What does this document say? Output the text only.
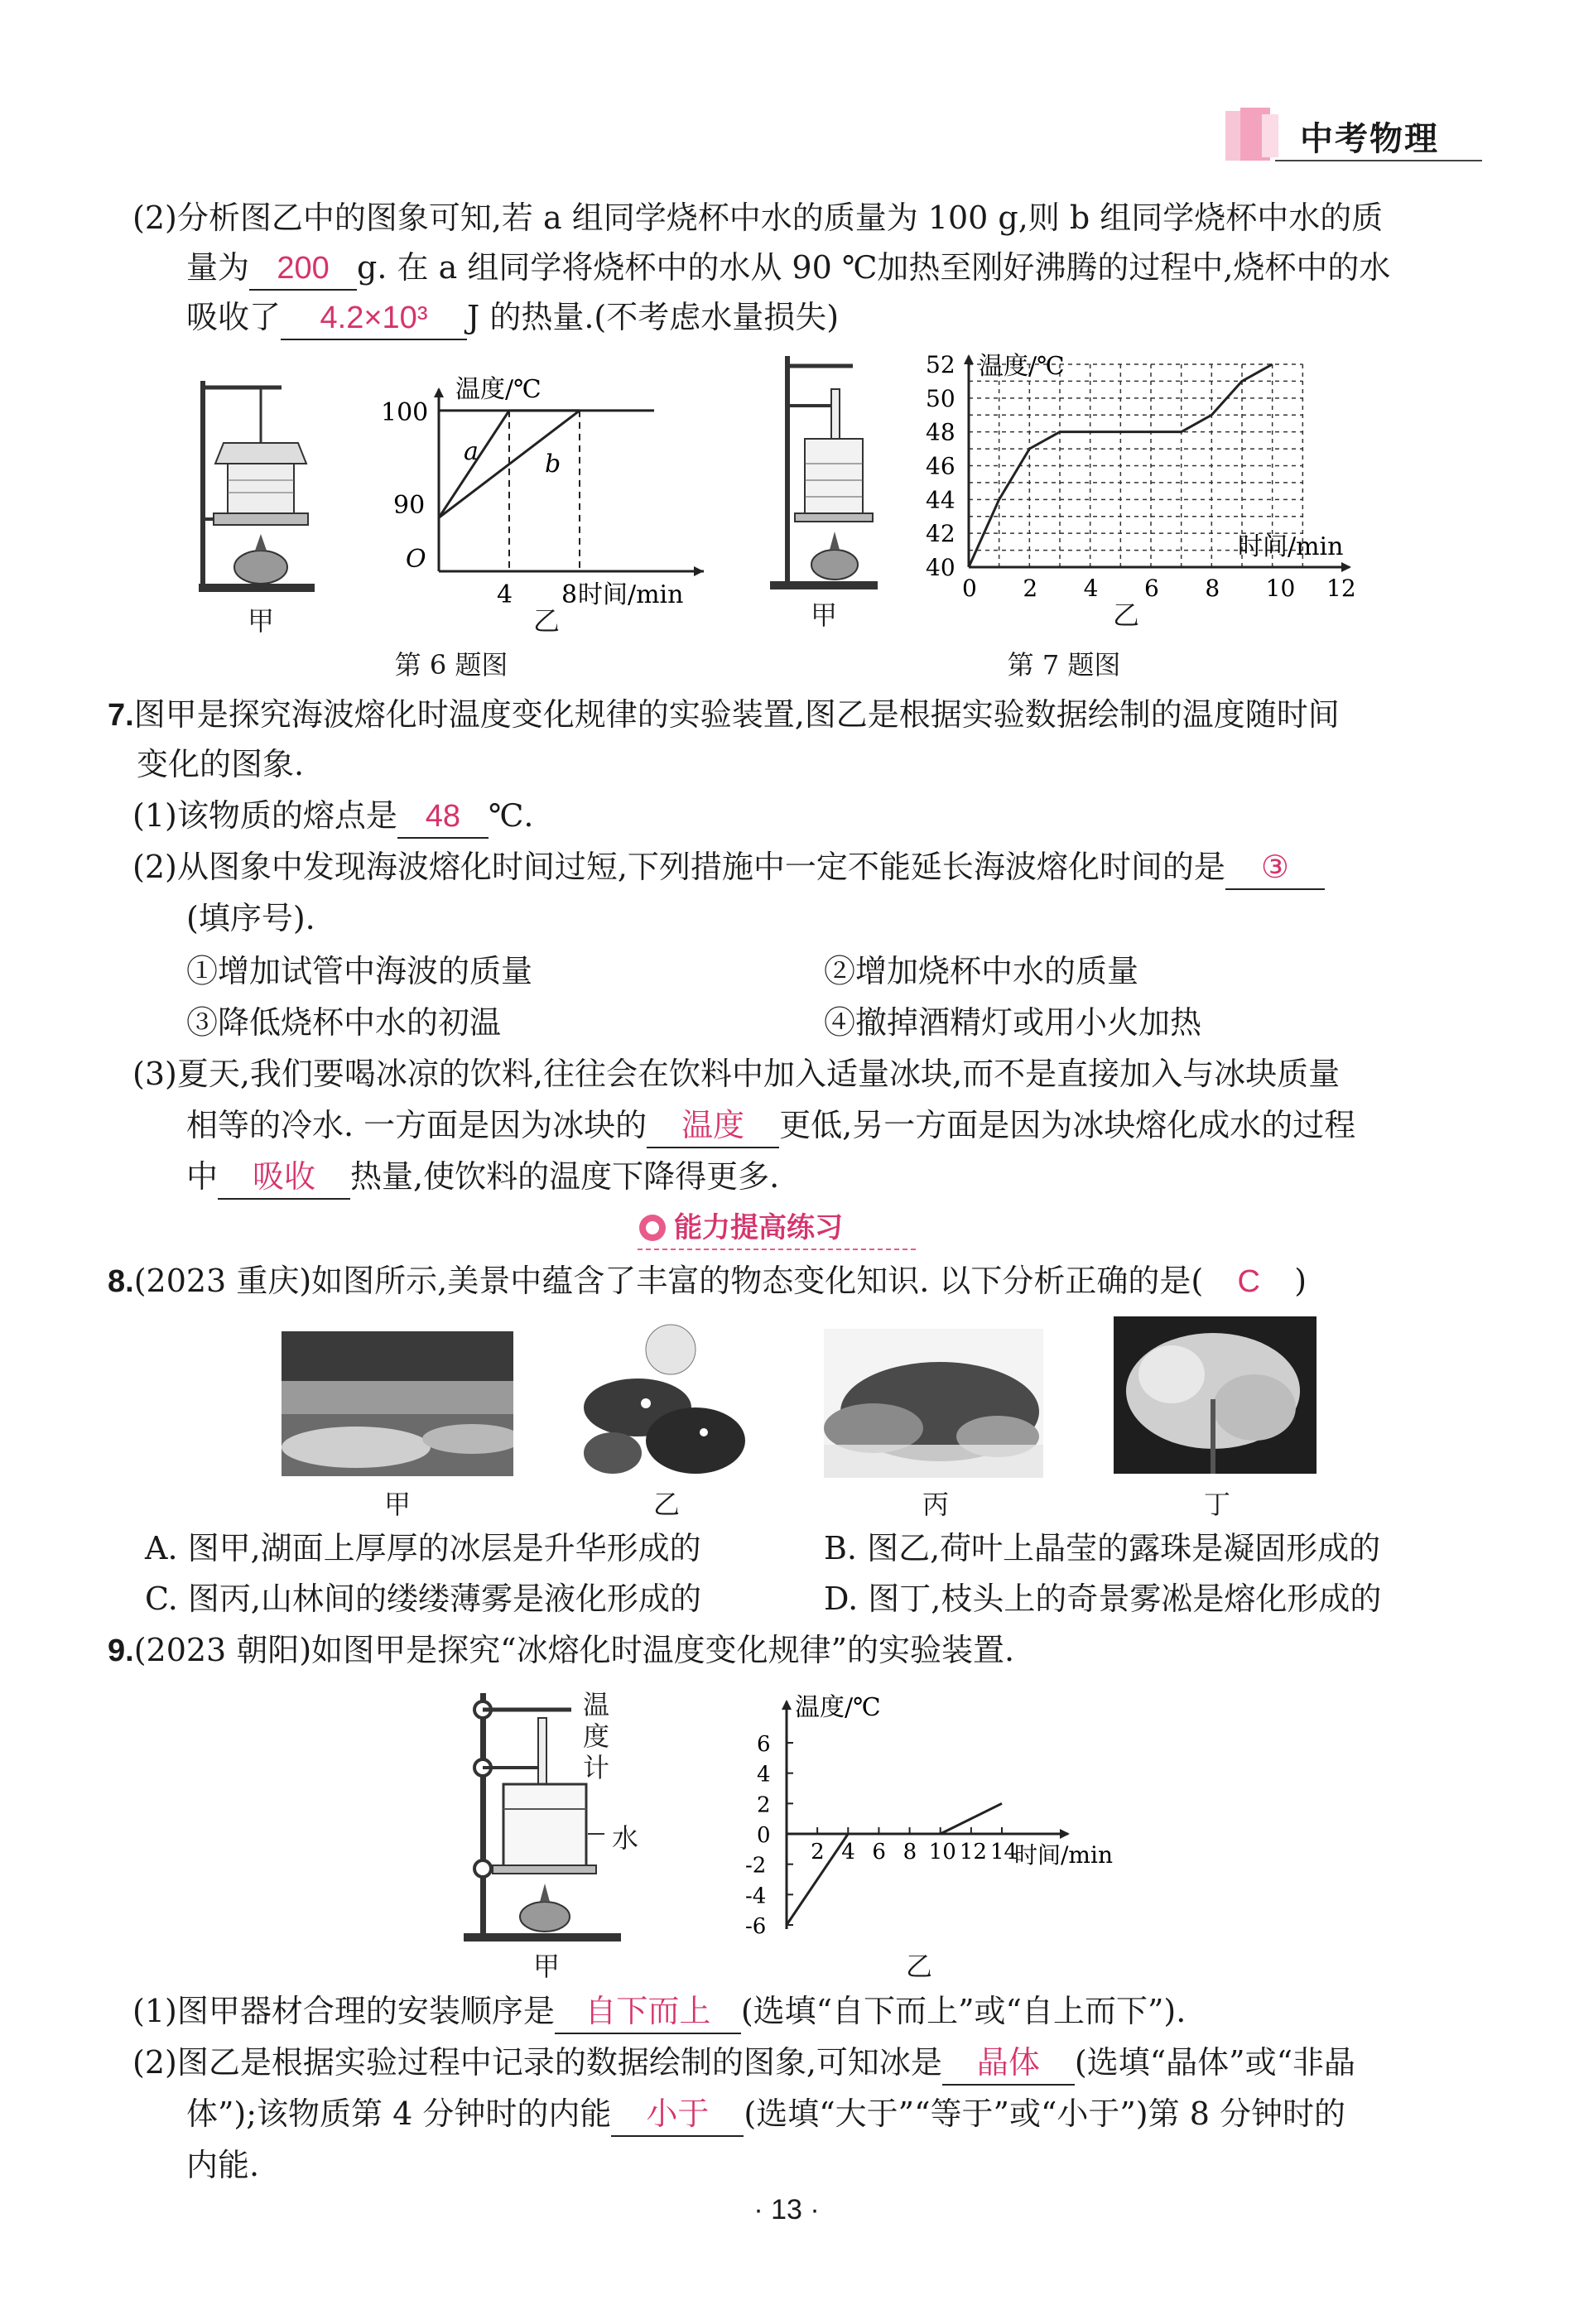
中考物理
(2)分析图乙中的图象可知,若 a 组同学烧杯中水的质量为 100 g,则 b 组同学烧杯中水的质
量为 200 g. 在 a 组同学将烧杯中的水从 90 ℃加热至刚好沸腾的过程中,烧杯中的水
吸收了 4.2×10³ J 的热量.(不考虑水量损失)
甲
温度/℃
100
90
O
4 8 时间/min
a	b
乙
第 6 题图
甲
温度/℃
时间/min
40
42
44
46
48
50
52
0 2 4 6 8 10 12
乙
第 7 题图
7.图甲是探究海波熔化时温度变化规律的实验装置,图乙是根据实验数据绘制的温度随时间
变化的图象.
(1)该物质的熔点是 48 ℃.
(2)从图象中发现海波熔化时间过短,下列措施中一定不能延长海波熔化时间的是 ③
(填序号).
①增加试管中海波的质量	②增加烧杯中水的质量
③降低烧杯中水的初温	④撤掉酒精灯或用小火加热
(3)夏天,我们要喝冰凉的饮料,往往会在饮料中加入适量冰块,而不是直接加入与冰块质量
相等的冷水. 一方面是因为冰块的 温度 更低,另一方面是因为冰块熔化成水的过程
中 吸收 热量,使饮料的温度下降得更多.
能力提高练习
8.(2023 重庆)如图所示,美景中蕴含了丰富的物态变化知识. 以下分析正确的是( C )
甲	乙	丙	丁
A. 图甲,湖面上厚厚的冰层是升华形成的	B. 图乙,荷叶上晶莹的露珠是凝固形成的
C. 图丙,山林间的缕缕薄雾是液化形成的	D. 图丁,枝头上的奇景雾凇是熔化形成的
9.(2023 朝阳)如图甲是探究“冰熔化时温度变化规律”的实验装置.
温
度
计
水
甲
温度/℃
时间/min
6
4
2
0
-2
-4
-6
2 4 6 8 10 12 14
乙
(1)图甲器材合理的安装顺序是 自下而上 (选填“自下而上”或“自上而下”).
(2)图乙是根据实验过程中记录的数据绘制的图象,可知冰是 晶体 (选填“晶体”或“非晶
体”);该物质第 4 分钟时的内能 小于 (选填“大于”“等于”或“小于”)第 8 分钟时的
内能.
· 13 ·
